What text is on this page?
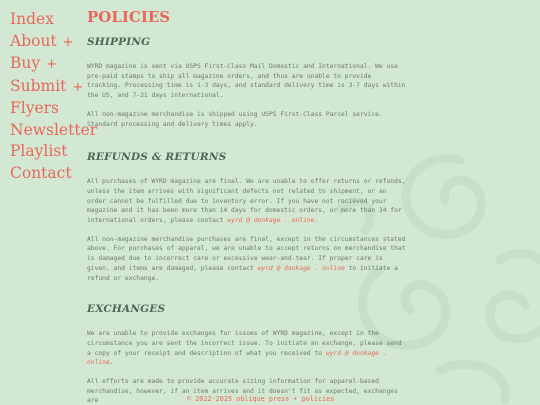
Index
About +
Buy +
Submit +
Flyers
Newsletter
Playlist
Contact
POLICIES
SHIPPING

WYRD magazine is sent via USPS First-Class Mail Domestic and International. We use pre-paid stamps to ship all magazine orders, and thus are unable to provide tracking. Processing time is 1-3 days, and standard delivery time is 3-7 days within the US, and 7-21 days international.

All non-magazine merchandise is shipped using USPS First-Class Parcel service. Standard processing and delivery times apply.

REFUNDS & RETURNS

All purchases of WYRD magazine are final. We are unable to offer returns or refunds, unless the item arrives with significant defects not related to shipment, or an order cannot be fulfilled due to inventory error. If you have not recieved your magazine and it has been more than 14 days for domestic orders, or more than 34 for international orders, please contact wyrd @ donkage . online.

All non-magazine merchandise purchases are final, except in the circumstances stated above. For purchases of apparel, we are unable to accept returns on merchandise that is damaged due to incorrect care or excessive wear-and-tear. If proper care is given, and items are damaged, please contact wyrd @ donkage . online to initiate a refund or exchange.

EXCHANGES

We are unable to provide exchanges for issues of WYRD magazine, except in the circumstance you are sent the incorrect issue. To initiate an exchange, please send a copy of your receipt and description of what you received to wyrd @ donkage . online.

All efforts are made to provide accurate sizing information for apparel-based merchandise, however, if an item arrives and it doesn't fit as expected, exchanges are	© 2022-2025 oblique press • policies
